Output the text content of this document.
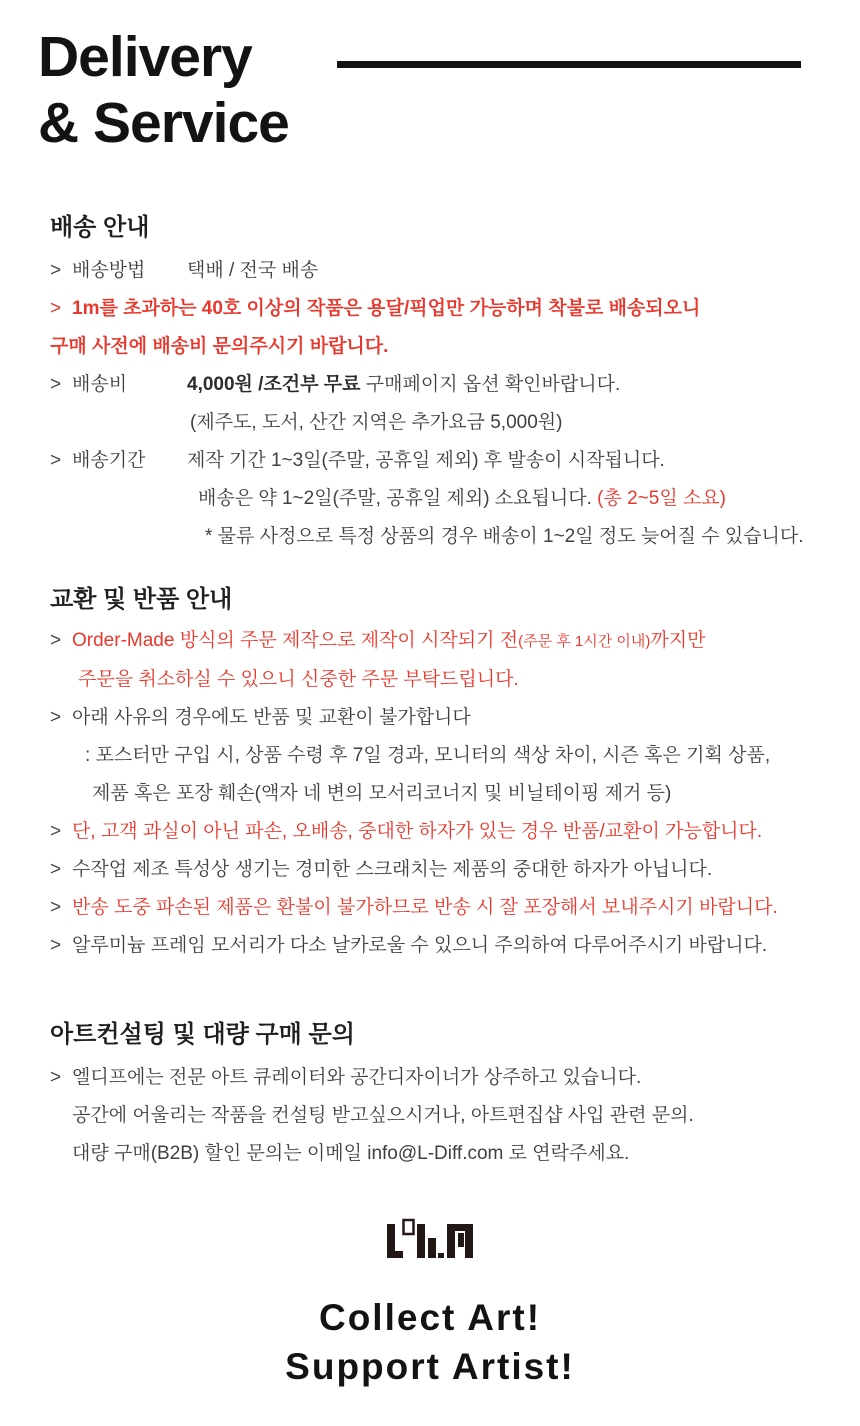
Delivery
& Service
배송 안내
> 배송방법 택배 / 전국 배송
> 1m를 초과하는 40호 이상의 작품은 용달/픽업만 가능하며 착불로 배송되오니
구매 사전에 배송비 문의주시기 바랍니다.
> 배송비	4,000원 /조건부 무료 구매페이지 옵션 확인바랍니다.
(제주도, 도서, 산간 지역은 추가요금 5,000원)
> 배송기간 제작 기간 1~3일(주말, 공휴일 제외) 후 발송이 시작됩니다.
배송은 약 1~2일(주말, 공휴일 제외) 소요됩니다. (총 2~5일 소요)
* 물류 사정으로 특정 상품의 경우 배송이 1~2일 정도 늦어질 수 있습니다.
교환 및 반품 안내
> Order-Made 방식의 주문 제작으로 제작이 시작되기 전(주문 후 1시간 이내)까지만
주문을 취소하실 수 있으니 신중한 주문 부탁드립니다.
> 아래 사유의 경우에도 반품 및 교환이 불가합니다
: 포스터만 구입 시, 상품 수령 후 7일 경과, 모니터의 색상 차이, 시즌 혹은 기획 상품,
제품 혹은 포장 훼손(액자 네 변의 모서리코너지 및 비닐테이핑 제거 등)
> 단, 고객 과실이 아닌 파손, 오배송, 중대한 하자가 있는 경우 반품/교환이 가능합니다.
> 수작업 제조 특성상 생기는 경미한 스크래치는 제품의 중대한 하자가 아닙니다.
> 반송 도중 파손된 제품은 환불이 불가하므로 반송 시 잘 포장해서 보내주시기 바랍니다.
> 알루미늄 프레임 모서리가 다소 날카로울 수 있으니 주의하여 다루어주시기 바랍니다.
아트컨설팅 및 대량 구매 문의
> 엘디프에는 전문 아트 큐레이터와 공간디자이너가 상주하고 있습니다.
공간에 어울리는 작품을 컨설팅 받고싶으시거나, 아트편집샵 사입 관련 문의.
대량 구매(B2B) 할인 문의는 이메일 info@L-Diff.com 로 연락주세요.
Collect Art!
Support Artist!
